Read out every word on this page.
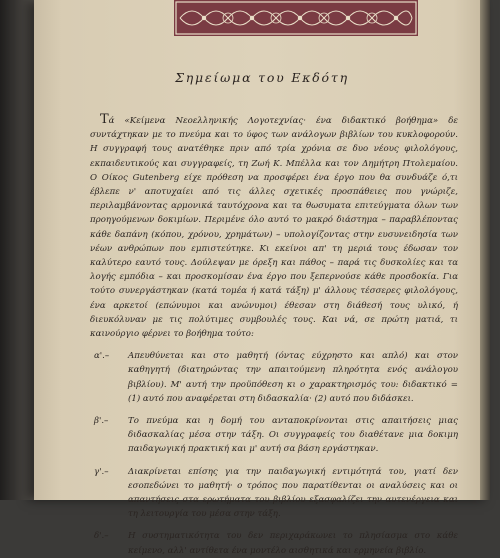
Σημείωμα του Εκδότη

Τά «Κείμενα Νεοελληνικής Λογοτεχνίας· ένα διδακτικό βοήθημα» δε συντάχτηκαν με το πνεύμα και το ύφος των ανάλογων βιβλίων του κυκλοφορούν. Η συγγραφή τους ανατέθηκε πριν από τρία χρόνια σε δυο νέους φιλολόγους, εκπαιδευτικούς και συγγραφείς, τη Ζωή Κ. Μπέλλα και τον Δημήτρη Πτολεμαίου. Ο Οίκος Gutenberg είχε πρόθεση να προσφέρει ένα έργο που θα συνδυάζε ό,τι έβλεπε ν' αποτυχαίει από τις άλλες σχετικές προσπάθειες που γνώριζε, περιλαμβάνοντας αρμονικά ταυτόχρονα και τα θωσυματα επιτεύγματα όλων των προηγούμενων δοκιμίων. Περιμένε όλο αυτό το μακρό διάστημα – παραβλέποντας κάθε δαπάνη (κόπου, χρόνου, χρημάτων) – υπολογίζοντας στην ευσυνειδησία των νέων ανθρώπων που εμπιστεύτηκε. Κι εκείνοι απ' τη μεριά τους έδωσαν τον καλύτερο εαυτό τους. Δούλεψαν με όρεξη και πάθος – παρά τις δυσκολίες και τα λογής εμπόδια – και προσκομίσαν ένα έργο που ξεπερνούσε κάθε προσδοκία. Για τούτο συνεργάστηκαν (κατά τομέα ή κατά τάξη) μ' άλλους τέσσερες φιλολόγους, ένα αρκετοί (επώνυμοι και ανώνυμοι) έθεσαν στη διάθεσή τους υλικό, ή διευκόλυναν με τις πολύτιμες συμβουλές τους. Και νά, σε πρώτη ματιά, τι καινούργιο φέρνει το βοήθημα τούτο:

α'.– Απευθύνεται και στο μαθητή (όντας εύχρηστο και απλό) και στον καθηγητή (διατηρώντας την απαιτούμενη πληρότητα ενός ανάλογου βιβλίου). Μ' αυτή την προϋπόθεση κι ο χαρακτηρισμός του: διδακτικό = (1) αυτό που αναφέρεται στη διδασκαλία· (2) αυτό που διδάσκει.
β'.– Το πνεύμα και η δομή του ανταποκρίνονται στις απαιτήσεις μιας διδασκαλίας μέσα στην τάξη. Οι συγγραφείς του διαθέτανε μια δοκιμη παιδαγωγική πρακτική και μ' αυτή σα βάση εργάστηκαν.
γ'.– Διακρίνεται επίσης για την παιδαγωγική εντιμότητά του, γιατί δεν εσοπεδώνει το μαθητή· ο τρόπος που παρατίθενται οι αναλύσεις και οι απαντήσεις στα ερωτήματα του βιβλίου εξασφαλίζει την αυτενέργεια και τη λειτουργία του μέσα στην τάξη.
δ'.– Η συστηματικότητα του δεν περιχαράκωνει το πλησίασμα στο κάθε κείμενο, αλλ' αντίθετα ένα μοντέλο αισθητικά και ερμηνεία βιβλίο.
